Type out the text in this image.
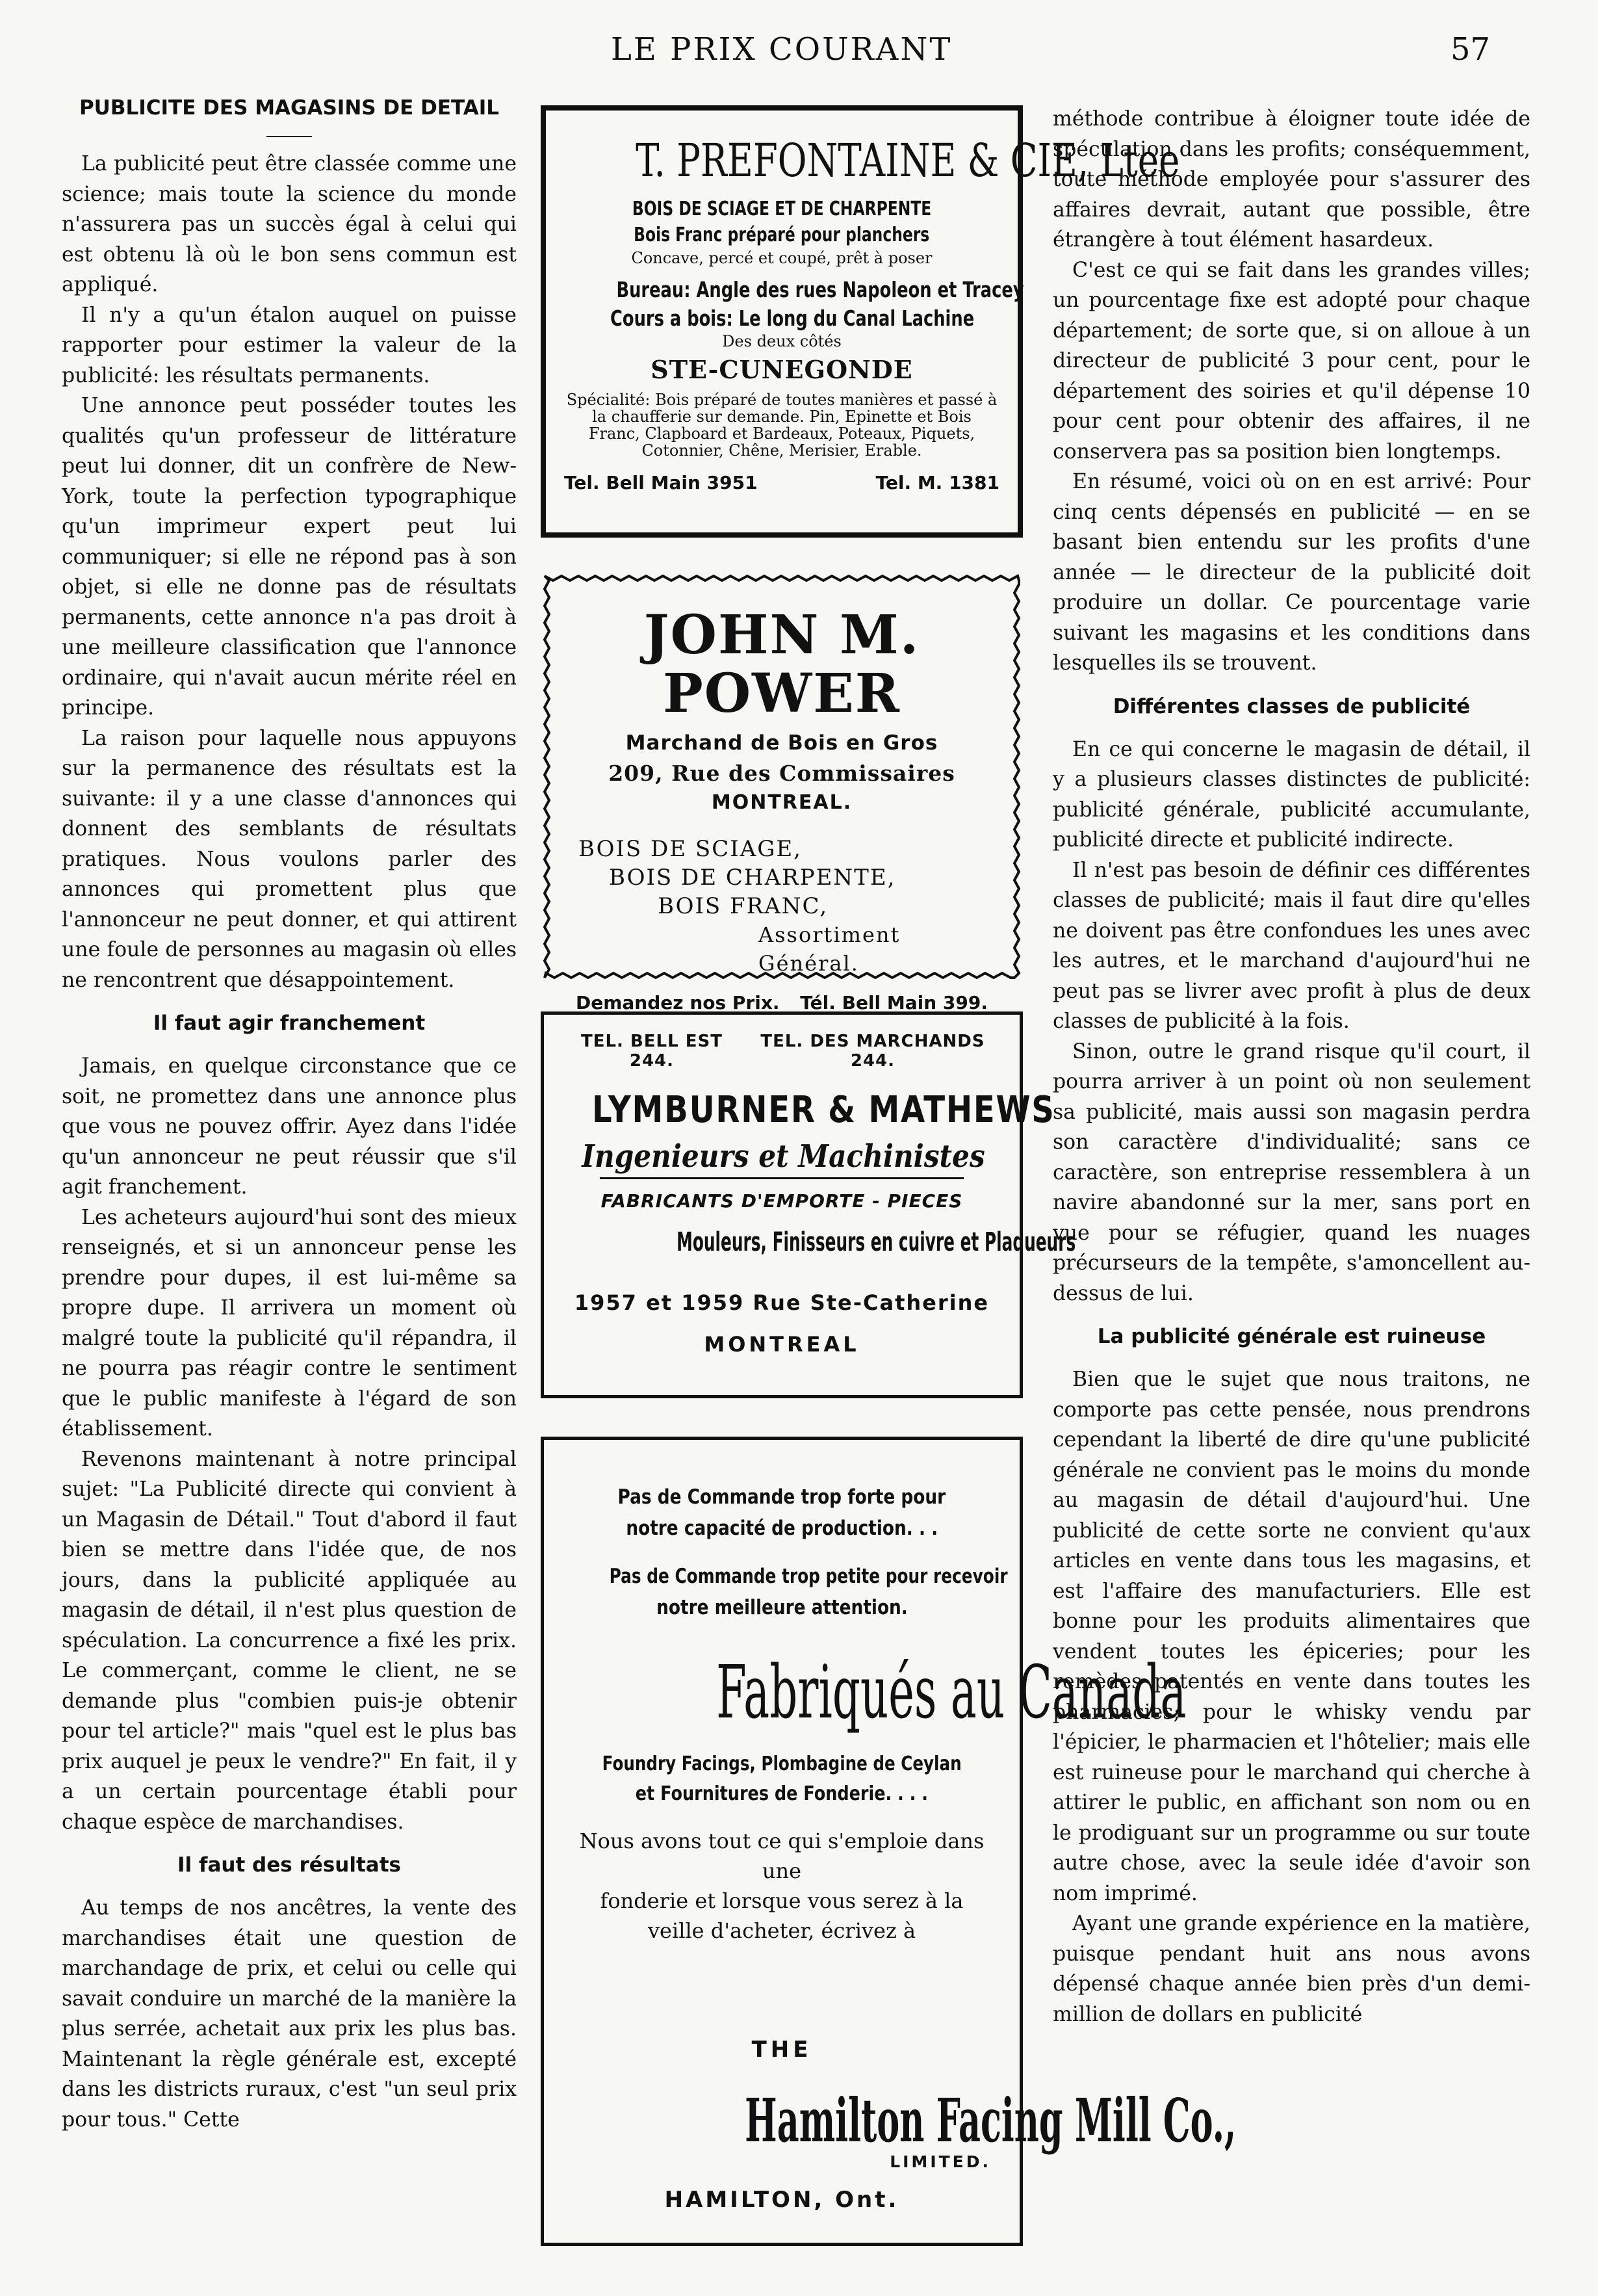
LE PRIX COURANT	57
PUBLICITE DES MAGASINS DE DETAIL

La publicité peut être classée comme une science; mais toute la science du monde n'assurera pas un succès égal à celui qui est obtenu là où le bon sens commun est appliqué.

Il n'y a qu'un étalon auquel on puisse rapporter pour estimer la valeur de la publicité: les résultats permanents.

Une annonce peut posséder toutes les qualités qu'un professeur de littérature peut lui donner, dit un confrère de New-York, toute la perfection typographique qu'un imprimeur expert peut lui communiquer; si elle ne répond pas à son objet, si elle ne donne pas de résultats permanents, cette annonce n'a pas droit à une meilleure classification que l'annonce ordinaire, qui n'avait aucun mérite réel en principe.

La raison pour laquelle nous appuyons sur la permanence des résultats est la suivante: il y a une classe d'annonces qui donnent des semblants de résultats pratiques. Nous voulons parler des annonces qui promettent plus que l'annonceur ne peut donner, et qui attirent une foule de personnes au magasin où elles ne rencontrent que désappointement.

Il faut agir franchement

Jamais, en quelque circonstance que ce soit, ne promettez dans une annonce plus que vous ne pouvez offrir. Ayez dans l'idée qu'un annonceur ne peut réussir que s'il agit franchement.

Les acheteurs aujourd'hui sont des mieux renseignés, et si un annonceur pense les prendre pour dupes, il est lui-même sa propre dupe. Il arrivera un moment où malgré toute la publicité qu'il répandra, il ne pourra pas réagir contre le sentiment que le public manifeste à l'égard de son établissement.

Revenons maintenant à notre principal sujet: "La Publicité directe qui convient à un Magasin de Détail." Tout d'abord il faut bien se mettre dans l'idée que, de nos jours, dans la publicité appliquée au magasin de détail, il n'est plus question de spéculation. La concurrence a fixé les prix. Le commerçant, comme le client, ne se demande plus "combien puis-je obtenir pour tel article?" mais "quel est le plus bas prix auquel je peux le vendre?" En fait, il y a un certain pourcentage établi pour chaque espèce de marchandises.

Il faut des résultats

Au temps de nos ancêtres, la vente des marchandises était une question de marchandage de prix, et celui ou celle qui savait conduire un marché de la manière la plus serrée, achetait aux prix les plus bas. Maintenant la règle générale est, excepté dans les districts ruraux, c'est "un seul prix pour tous." Cette

méthode contribue à éloigner toute idée de spéculation dans les profits; conséquemment, toute méthode employée pour s'assurer des affaires devrait, autant que possible, être étrangère à tout élément hasardeux.

C'est ce qui se fait dans les grandes villes; un pourcentage fixe est adopté pour chaque département; de sorte que, si on alloue à un directeur de publicité 3 pour cent, pour le département des soiries et qu'il dépense 10 pour cent pour obtenir des affaires, il ne conservera pas sa position bien longtemps.

En résumé, voici où on en est arrivé: Pour cinq cents dépensés en publicité — en se basant bien entendu sur les profits d'une année — le directeur de la publicité doit produire un dollar. Ce pourcentage varie suivant les magasins et les conditions dans lesquelles ils se trouvent.

Différentes classes de publicité

En ce qui concerne le magasin de détail, il y a plusieurs classes distinctes de publicité: publicité générale, publicité accumulante, publicité directe et publicité indirecte.

Il n'est pas besoin de définir ces différentes classes de publicité; mais il faut dire qu'elles ne doivent pas être confondues les unes avec les autres, et le marchand d'aujourd'hui ne peut pas se livrer avec profit à plus de deux classes de publicité à la fois.

Sinon, outre le grand risque qu'il court, il pourra arriver à un point où non seulement sa publicité, mais aussi son magasin perdra son caractère d'individualité; sans ce caractère, son entreprise ressemblera à un navire abandonné sur la mer, sans port en vue pour se réfugier, quand les nuages précurseurs de la tempête, s'amoncellent au-dessus de lui.

La publicité générale est ruineuse

Bien que le sujet que nous traitons, ne comporte pas cette pensée, nous prendrons cependant la liberté de dire qu'une publicité générale ne convient pas le moins du monde au magasin de détail d'aujourd'hui. Une publicité de cette sorte ne convient qu'aux articles en vente dans tous les magasins, et est l'affaire des manufacturiers. Elle est bonne pour les produits alimentaires que vendent toutes les épiceries; pour les remèdes patentés en vente dans toutes les pharmacies; pour le whisky vendu par l'épicier, le pharmacien et l'hôtelier; mais elle est ruineuse pour le marchand qui cherche à attirer le public, en affichant son nom ou en le prodiguant sur un programme ou sur toute autre chose, avec la seule idée d'avoir son nom imprimé.

Ayant une grande expérience en la matière, puisque pendant huit ans nous avons dépensé chaque année bien près d'un demi-million de dollars en publicité

T. PREFONTAINE & CIE, Ltee
BOIS DE SCIAGE ET DE CHARPENTE
Bois Franc préparé pour planchers
Concave, percé et coupé, prêt à poser
Bureau: Angle des rues Napoleon et Tracey
Cours a bois: Le long du Canal Lachine
Des deux côtés
STE-CUNEGONDE
Spécialité: Bois préparé de toutes manières et passé à la chaufferie sur demande. Pin, Epinette et Bois Franc, Clapboard et Bardeaux, Poteaux, Piquets, Cotonnier, Chêne, Merisier, Erable.
Tel. Bell Main 3951	Tel. M. 1381
JOHN M. POWER
Marchand de Bois en Gros
209, Rue des Commissaires
MONTREAL.
BOIS DE SCIAGE,
BOIS DE CHARPENTE,
BOIS FRANC,
Assortiment Général.
Demandez nos Prix. Tél. Bell Main 399.
TEL. BELL EST 244.
TEL. DES MARCHANDS 244.
LYMBURNER & MATHEWS
Ingenieurs et Machinistes
FABRICANTS D'EMPORTE - PIECES
Mouleurs, Finisseurs en cuivre et Plaqueurs
1957 et 1959 Rue Ste-Catherine
MONTREAL
Pas de Commande trop forte pour
notre capacité de production. . .
Pas de Commande trop petite pour recevoir
notre meilleure attention.
Fabriqués au Canada
Foundry Facings, Plombagine de Ceylan
et Fournitures de Fonderie. . . .
Nous avons tout ce qui s'emploie dans une
fonderie et lorsque vous serez à la
veille d'acheter, écrivez à
THE
Hamilton Facing Mill Co.,
LIMITED.
HAMILTON, Ont.
